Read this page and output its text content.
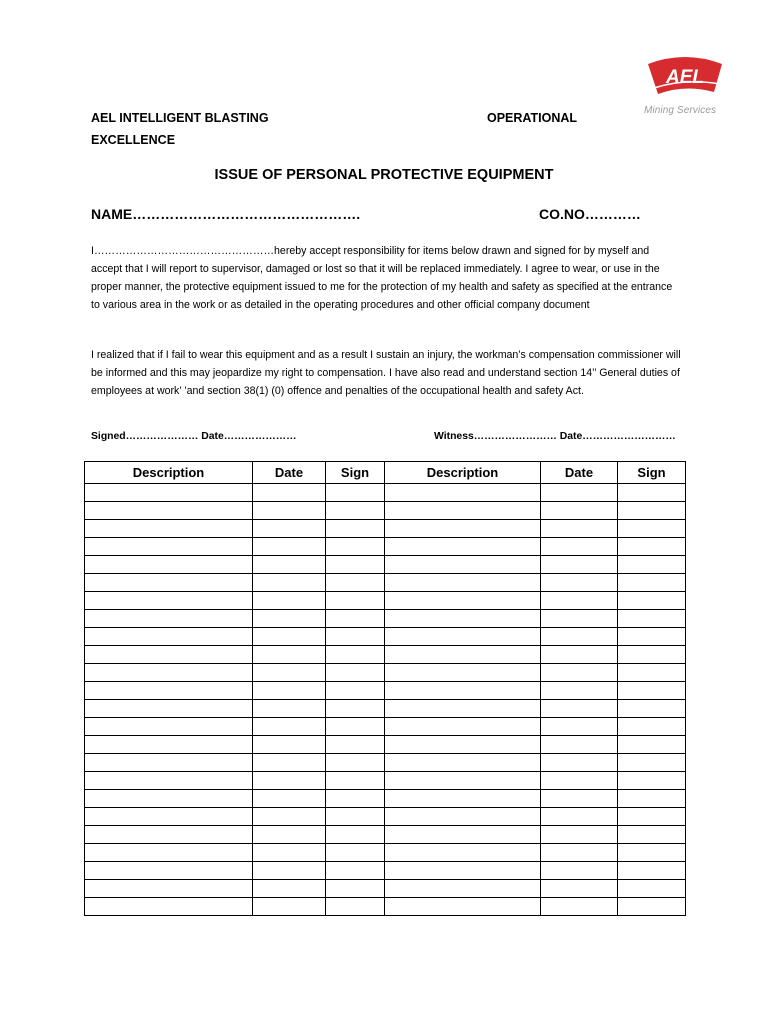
AEL
Mining Services
AEL INTELLIGENT BLASTING	OPERATIONAL
EXCELLENCE
ISSUE OF PERSONAL PROTECTIVE EQUIPMENT
NAME………………………………………….	CO.NO…………

I……………………………………………hereby accept responsibility for items below drawn and signed for by myself and accept that I will report to supervisor, damaged or lost so that it will be replaced immediately. I agree to wear, or use in the proper manner, the protective equipment issued to me for the protection of my health and safety as specified at the entrance to various area in the work or as detailed in the operating procedures and other official company document

I realized that if I fail to wear this equipment and as a result I sustain an injury, the workman’s compensation commissioner will be informed and this may jeopardize my right to compensation. I have also read and understand section 14’’ General duties of employees at work’ ’and section 38(1) (0) offence and penalties of the occupational health and safety Act.

Signed………………… Date…………………	Witness…………………… Date………………………
Description	Date	Sign	Description	Date	Sign
